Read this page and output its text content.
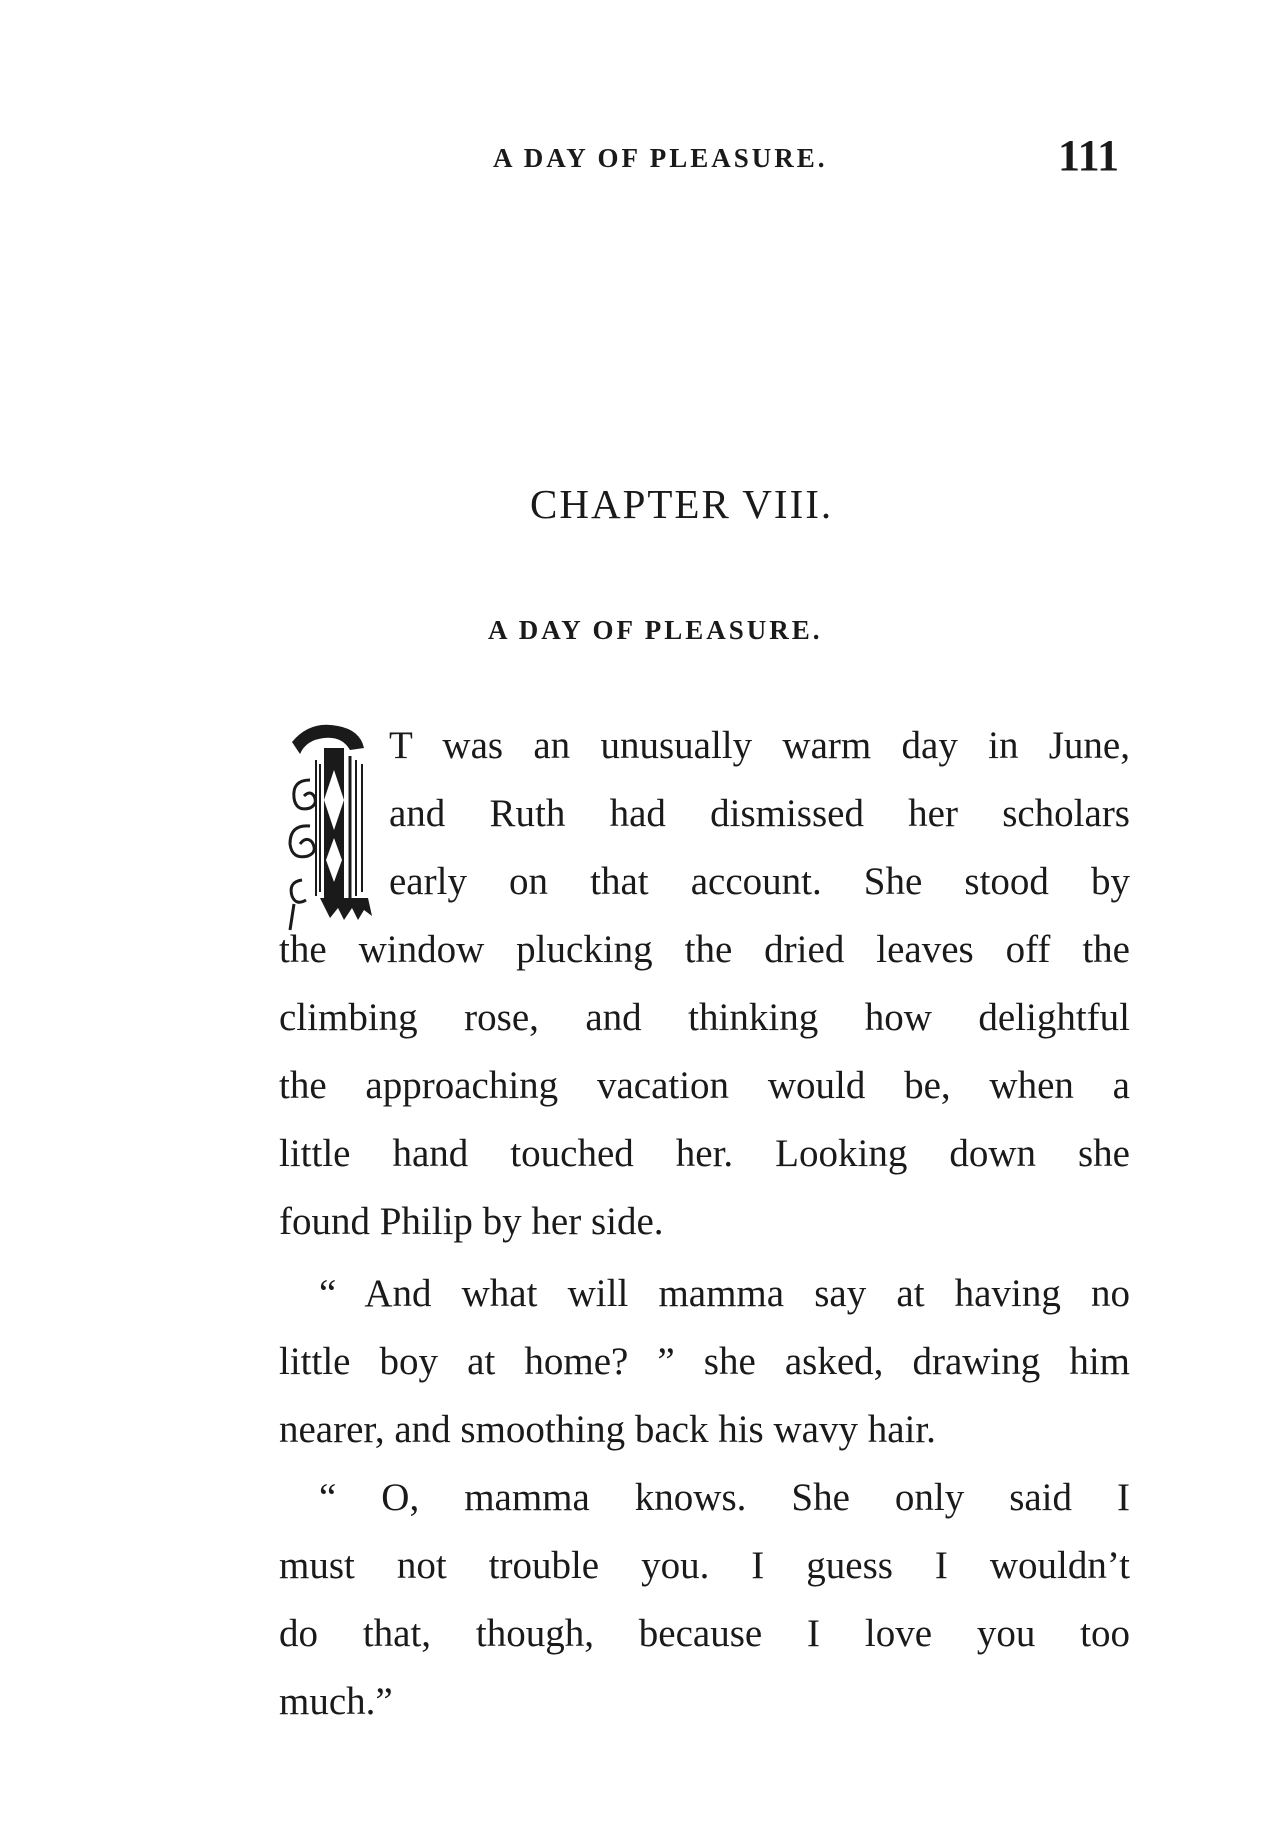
A DAY OF PLEASURE.	111
CHAPTER VIII.
A DAY OF PLEASURE.
T was an unusually warm day in June,
and Ruth had dismissed her scholars
early on that account. She stood by
the window plucking the dried leaves off the
climbing rose, and thinking how delightful
the approaching vacation would be, when a
little hand touched her. Looking down she
found Philip by her side.
“ And what will mamma say at having no
little boy at home? ” she asked, drawing him
nearer, and smoothing back his wavy hair.
“ O, mamma knows. She only said I
must not trouble you. I guess I wouldn’t
do that, though, because I love you too
much.”
